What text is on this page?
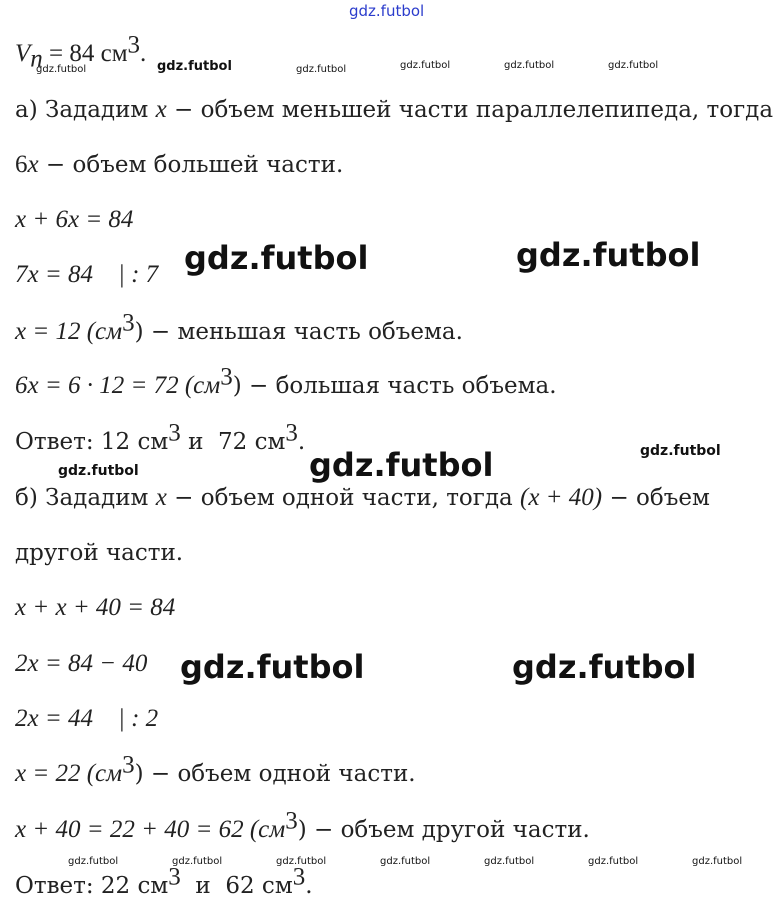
gdz.futbol
gdz.futbol	gdz.futbol	gdz.futbol	gdz.futbol	gdz.futbol	gdz.futbol
gdz.futbol	gdz.futbol
gdz.futbol
gdz.futbol	gdz.futbol
gdz.futbol	gdz.futbol
gdz.futbol	gdz.futbol	gdz.futbol	gdz.futbol	gdz.futbol	gdz.futbol	gdz.futbol
$V_n = 84$ $см^3$.
а) Зададим x − объем меньшей части параллелепипеда, тогда
6x − объем большей части.
x + 6x = 84
7x = 84    | : 7
x = 12 $(см^3)$ − меньшая часть объема.
6x = 6 · 12 = 72 $(см^3)$ − большая часть объема.
Ответ: 12 $см^3$ и  72 $см^3$.
б) Зададим x − объем одной части, тогда (x + 40) − объем
другой части.
x + x + 40 = 84
2x = 84 − 40
2x = 44    | : 2
x = 22 $(см^3)$ − объем одной части.
x + 40 = 22 + 40 = 62 $(см^3)$ − объем другой части.
Ответ: 22 $см^3$  и  62 $см^3$.
